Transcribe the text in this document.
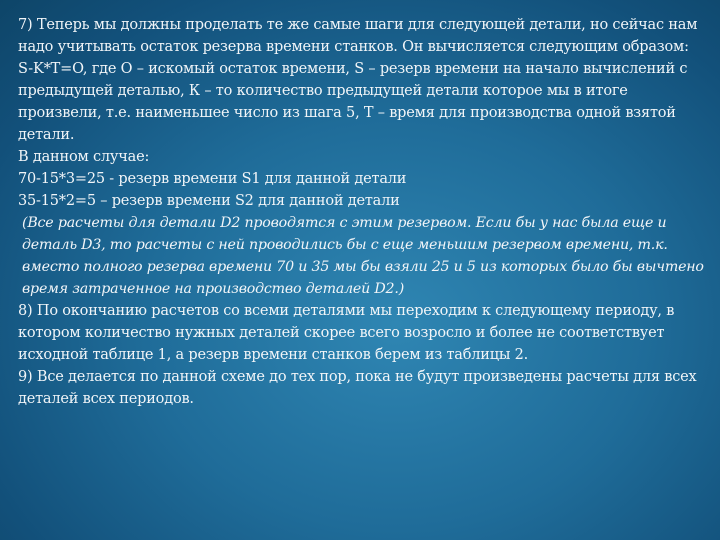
7) Теперь мы должны проделать те же самые шаги для следующей детали, но сейчас нам надо учитывать остаток резерва времени станков. Он вычисляется следующим образом:

S-K*T=O, где О – искомый остаток времени, S – резерв времени на начало вычислений с предыдущей деталью, К – то количество предыдущей детали которое мы в итоге произвели, т.е. наименьшее число из шага 5, Т – время для производства одной взятой детали.

В данном случае:

70-15*3=25 - резерв времени S1 для данной детали

35-15*2=5 – резерв времени S2 для данной детали

(Все расчеты для детали D2 проводятся с этим резервом. Если бы у нас была еще и деталь D3, то расчеты с ней проводились бы с еще меньшим резервом времени, т.к. вместо полного резерва времени 70 и 35 мы бы взяли 25 и 5 из которых было бы вычтено время затраченное на производство деталей D2.)

8) По окончанию расчетов со всеми деталями мы переходим к следующему периоду, в котором количество нужных деталей скорее всего возросло и более не соответствует исходной таблице 1, а резерв времени станков берем из таблицы 2.

9) Все делается по данной схеме до тех пор, пока не будут произведены расчеты для всех деталей всех периодов.
